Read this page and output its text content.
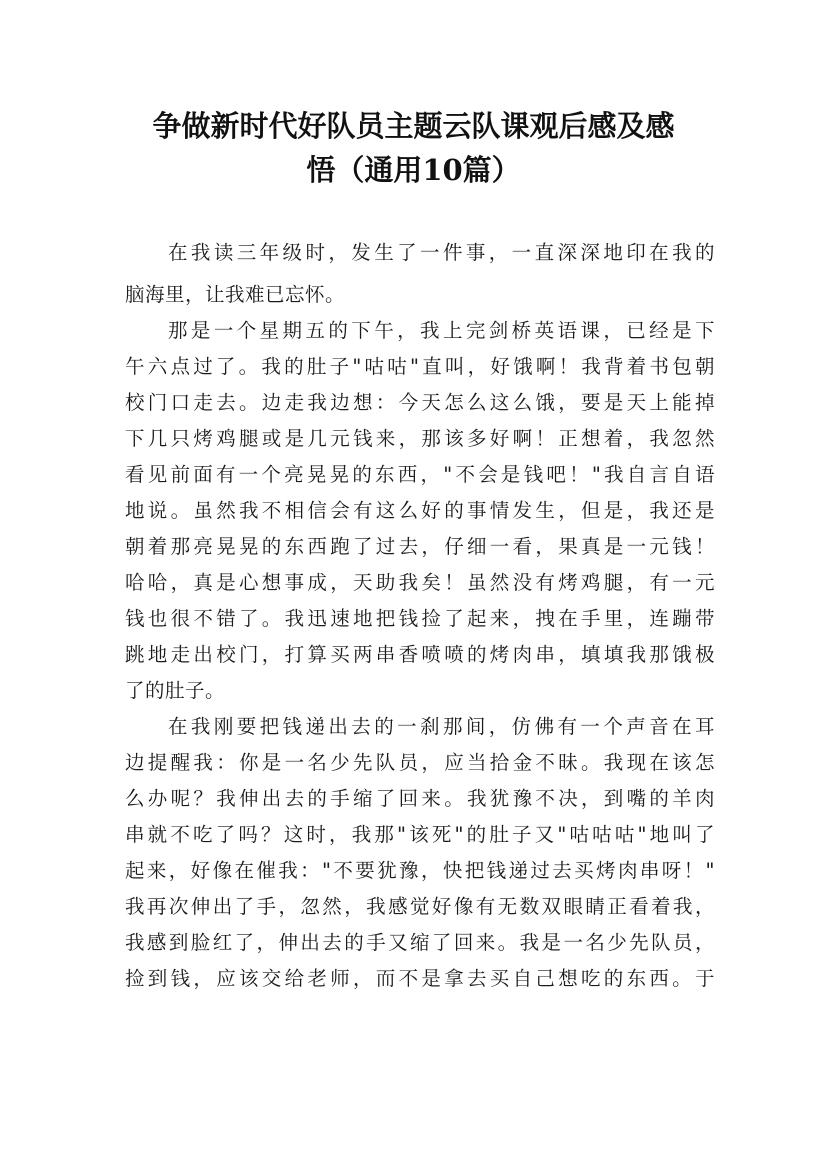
争做新时代好队员主题云队课观后感及感
悟（通用10篇）
在我读三年级时，发生了一件事，一直深深地印在我的
脑海里，让我难已忘怀。
那是一个星期五的下午，我上完剑桥英语课，已经是下
午六点过了。我的肚子"咕咕"直叫，好饿啊！我背着书包朝
校门口走去。边走我边想：今天怎么这么饿，要是天上能掉
下几只烤鸡腿或是几元钱来，那该多好啊！正想着，我忽然
看见前面有一个亮晃晃的东西，"不会是钱吧！"我自言自语
地说。虽然我不相信会有这么好的事情发生，但是，我还是
朝着那亮晃晃的东西跑了过去，仔细一看，果真是一元钱！
哈哈，真是心想事成，天助我矣！虽然没有烤鸡腿，有一元
钱也很不错了。我迅速地把钱捡了起来，拽在手里，连蹦带
跳地走出校门，打算买两串香喷喷的烤肉串，填填我那饿极
了的肚子。
在我刚要把钱递出去的一刹那间，仿佛有一个声音在耳
边提醒我：你是一名少先队员，应当拾金不昧。我现在该怎
么办呢？我伸出去的手缩了回来。我犹豫不决，到嘴的羊肉
串就不吃了吗？这时，我那"该死"的肚子又"咕咕咕"地叫了
起来，好像在催我："不要犹豫，快把钱递过去买烤肉串呀！"
我再次伸出了手，忽然，我感觉好像有无数双眼睛正看着我，
我感到脸红了，伸出去的手又缩了回来。我是一名少先队员，
捡到钱，应该交给老师，而不是拿去买自己想吃的东西。于
